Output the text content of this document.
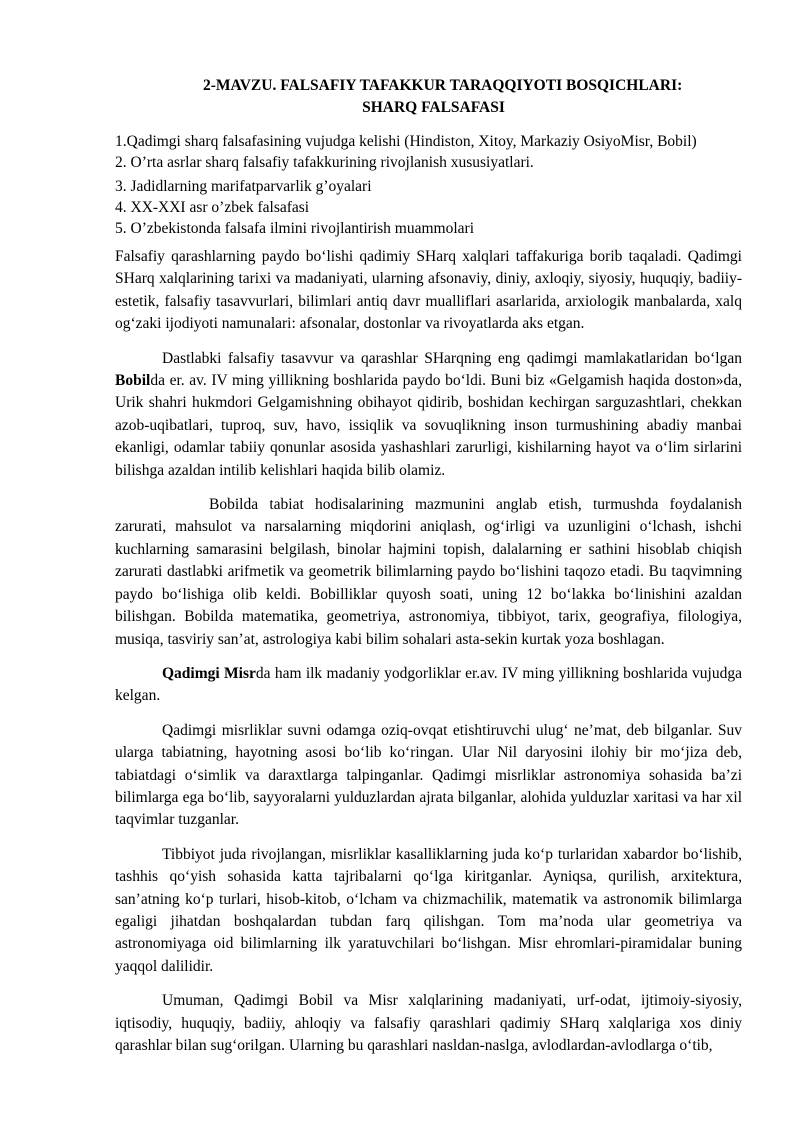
2-MAVZU. FALSAFIY TAFAKKUR TARAQQIYOTI BOSQICHLARI:
SHARQ FALSAFASI
1.Qadimgi sharq falsafasining vujudga kelishi (Hindiston, Xitoy, Markaziy OsiyoMisr, Bobil)
2. O’rta asrlar sharq falsafiy tafakkurining rivojlanish xususiyatlari.
3. Jadidlarning marifatparvarlik g’oyalari
4. XX-XXI asr o’zbek falsafasi
5. O’zbekistonda falsafa ilmini rivojlantirish muammolari

Falsafiy qarashlarning paydo bo‘lishi qadimiy SHarq xalqlari taffakuriga borib taqaladi. Qadimgi SHarq xalqlarining tarixi va madaniyati, ularning afsonaviy, diniy, axloqiy, siyosiy, huquqiy, badiiy-estetik, falsafiy tasavvurlari, bilimlari antiq davr mualliflari asarlarida, arxiologik manbalarda, xalq og‘zaki ijodiyoti namunalari: afsonalar, dostonlar va rivoyatlarda aks etgan.

Dastlabki falsafiy tasavvur va qarashlar SHarqning eng qadimgi mamlakatlaridan bo‘lgan Bobilda er. av. IV ming yillikning boshlarida paydo bo‘ldi. Buni biz «Gelgamish haqida doston»da, Urik shahri hukmdori Gelgamishning obihayot qidirib, boshidan kechirgan sarguzashtlari, chekkan azob-uqibatlari, tuproq, suv, havo, issiqlik va sovuqlikning inson turmushining abadiy manbai ekanligi, odamlar tabiiy qonunlar asosida yashashlari zarurligi, kishilarning hayot va o‘lim sirlarini bilishga azaldan intilib kelishlari haqida bilib olamiz.

Bobilda tabiat hodisalarining mazmunini anglab etish, turmushda foydalanish zarurati, mahsulot va narsalarning miqdorini aniqlash, og‘irligi va uzunligini o‘lchash, ishchi kuchlarning samarasini belgilash, binolar hajmini topish, dalalarning er sathini hisoblab chiqish zarurati dastlabki arifmetik va geometrik bilimlarning paydo bo‘lishini taqozo etadi. Bu taqvimning paydo bo‘lishiga olib keldi. Bobilliklar quyosh soati, uning 12 bo‘lakka bo‘linishini azaldan bilishgan. Bobilda matematika, geometriya, astronomiya, tibbiyot, tarix, geografiya, filologiya, musiqa, tasviriy san’at, astrologiya kabi bilim sohalari asta-sekin kurtak yoza boshlagan.

Qadimgi Misrda ham ilk madaniy yodgorliklar er.av. IV ming yillikning boshlarida vujudga kelgan.

Qadimgi misrliklar suvni odamga oziq-ovqat etishtiruvchi ulug‘ ne’mat, deb bilganlar. Suv ularga tabiatning, hayotning asosi bo‘lib ko‘ringan. Ular Nil daryosini ilohiy bir mo‘jiza deb, tabiatdagi o‘simlik va daraxtlarga talpinganlar. Qadimgi misrliklar astronomiya sohasida ba’zi bilimlarga ega bo‘lib, sayyoralarni yulduzlardan ajrata bilganlar, alohida yulduzlar xaritasi va har xil taqvimlar tuzganlar.

Tibbiyot juda rivojlangan, misrliklar kasalliklarning juda ko‘p turlaridan xabardor bo‘lishib, tashhis qo‘yish sohasida katta tajribalarni qo‘lga kiritganlar. Ayniqsa, qurilish, arxitektura, san’atning ko‘p turlari, hisob-kitob, o‘lcham va chizmachilik, matematik va astronomik bilimlarga egaligi jihatdan boshqalardan tubdan farq qilishgan. Tom ma’noda ular geometriya va astronomiyaga oid bilimlarning ilk yaratuvchilari bo‘lishgan. Misr ehromlari-piramidalar buning yaqqol dalilidir.

Umuman, Qadimgi Bobil va Misr xalqlarining madaniyati, urf-odat, ijtimoiy-siyosiy, iqtisodiy, huquqiy, badiiy, ahloqiy va falsafiy qarashlari qadimiy SHarq xalqlariga xos diniy qarashlar bilan sug‘orilgan. Ularning bu qarashlari nasldan-naslga, avlodlardan-avlodlarga o‘tib,
